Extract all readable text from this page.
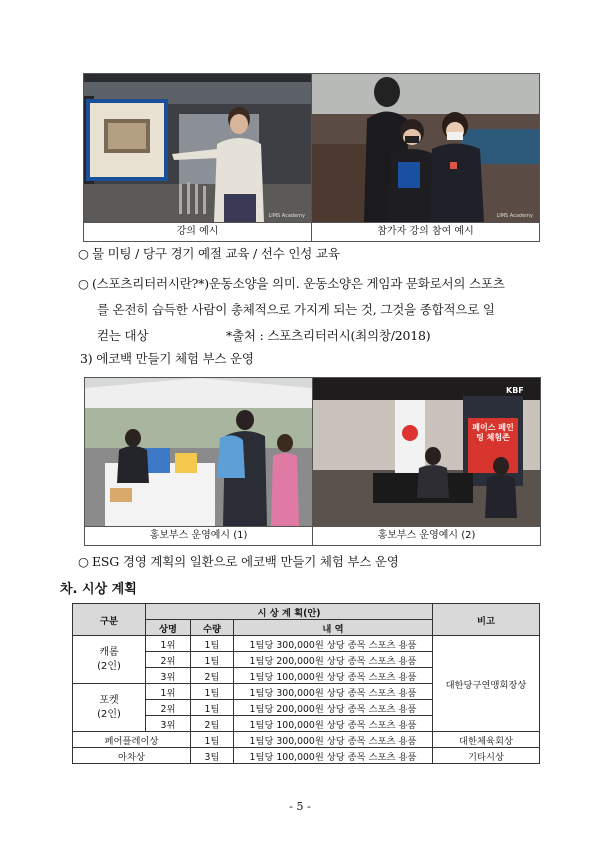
LIMS Academy	LIMS Academy

강의 예시	참가자 강의 참여 예시
○ 물 미팅 / 당구 경기 예절 교육 / 선수 인성 교육
○ (스포츠리터러시란?*)운동소양을 의미. 운동소양은 게임과 문화로서의 스포츠
를 온전히 습득한 사람이 총체적으로 가지게 되는 것, 그것을 종합적으로 일
컫는 대상	*출처 : 스포츠리터러시(최의창/2018)
3) 에코백 만들기 체험 부스 운영

페이스 페인팅 체험존
KBF

홍보부스 운영예시 (1)	홍보부스 운영예시 (2)
○ ESG 경영 계획의 일환으로 에코백 만들기 체험 부스 운영
차. 시상 계획
구분	시 상 계 획(안)			비고
	상명	수량	내 역	
캐롬
(2인)	1위	1팀	1팀당 300,000원 상당 종목 스포츠 용품	대한당구연맹회장상
	2위	1팀	1팀당 200,000원 상당 종목 스포츠 용품	
	3위	2팀	1팀당 100,000원 상당 종목 스포츠 용품	
포켓
(2인)	1위	1팀	1팀당 300,000원 상당 종목 스포츠 용품	
	2위	1팀	1팀당 200,000원 상당 종목 스포츠 용품	
	3위	2팀	1팀당 100,000원 상당 종목 스포츠 용품	
페어플레이상		1팀	1팀당 300,000원 상당 종목 스포츠 용품	대한체육회상
아차상		3팀	1팀당 100,000원 상당 종목 스포츠 용품	기타시상
- 5 -
